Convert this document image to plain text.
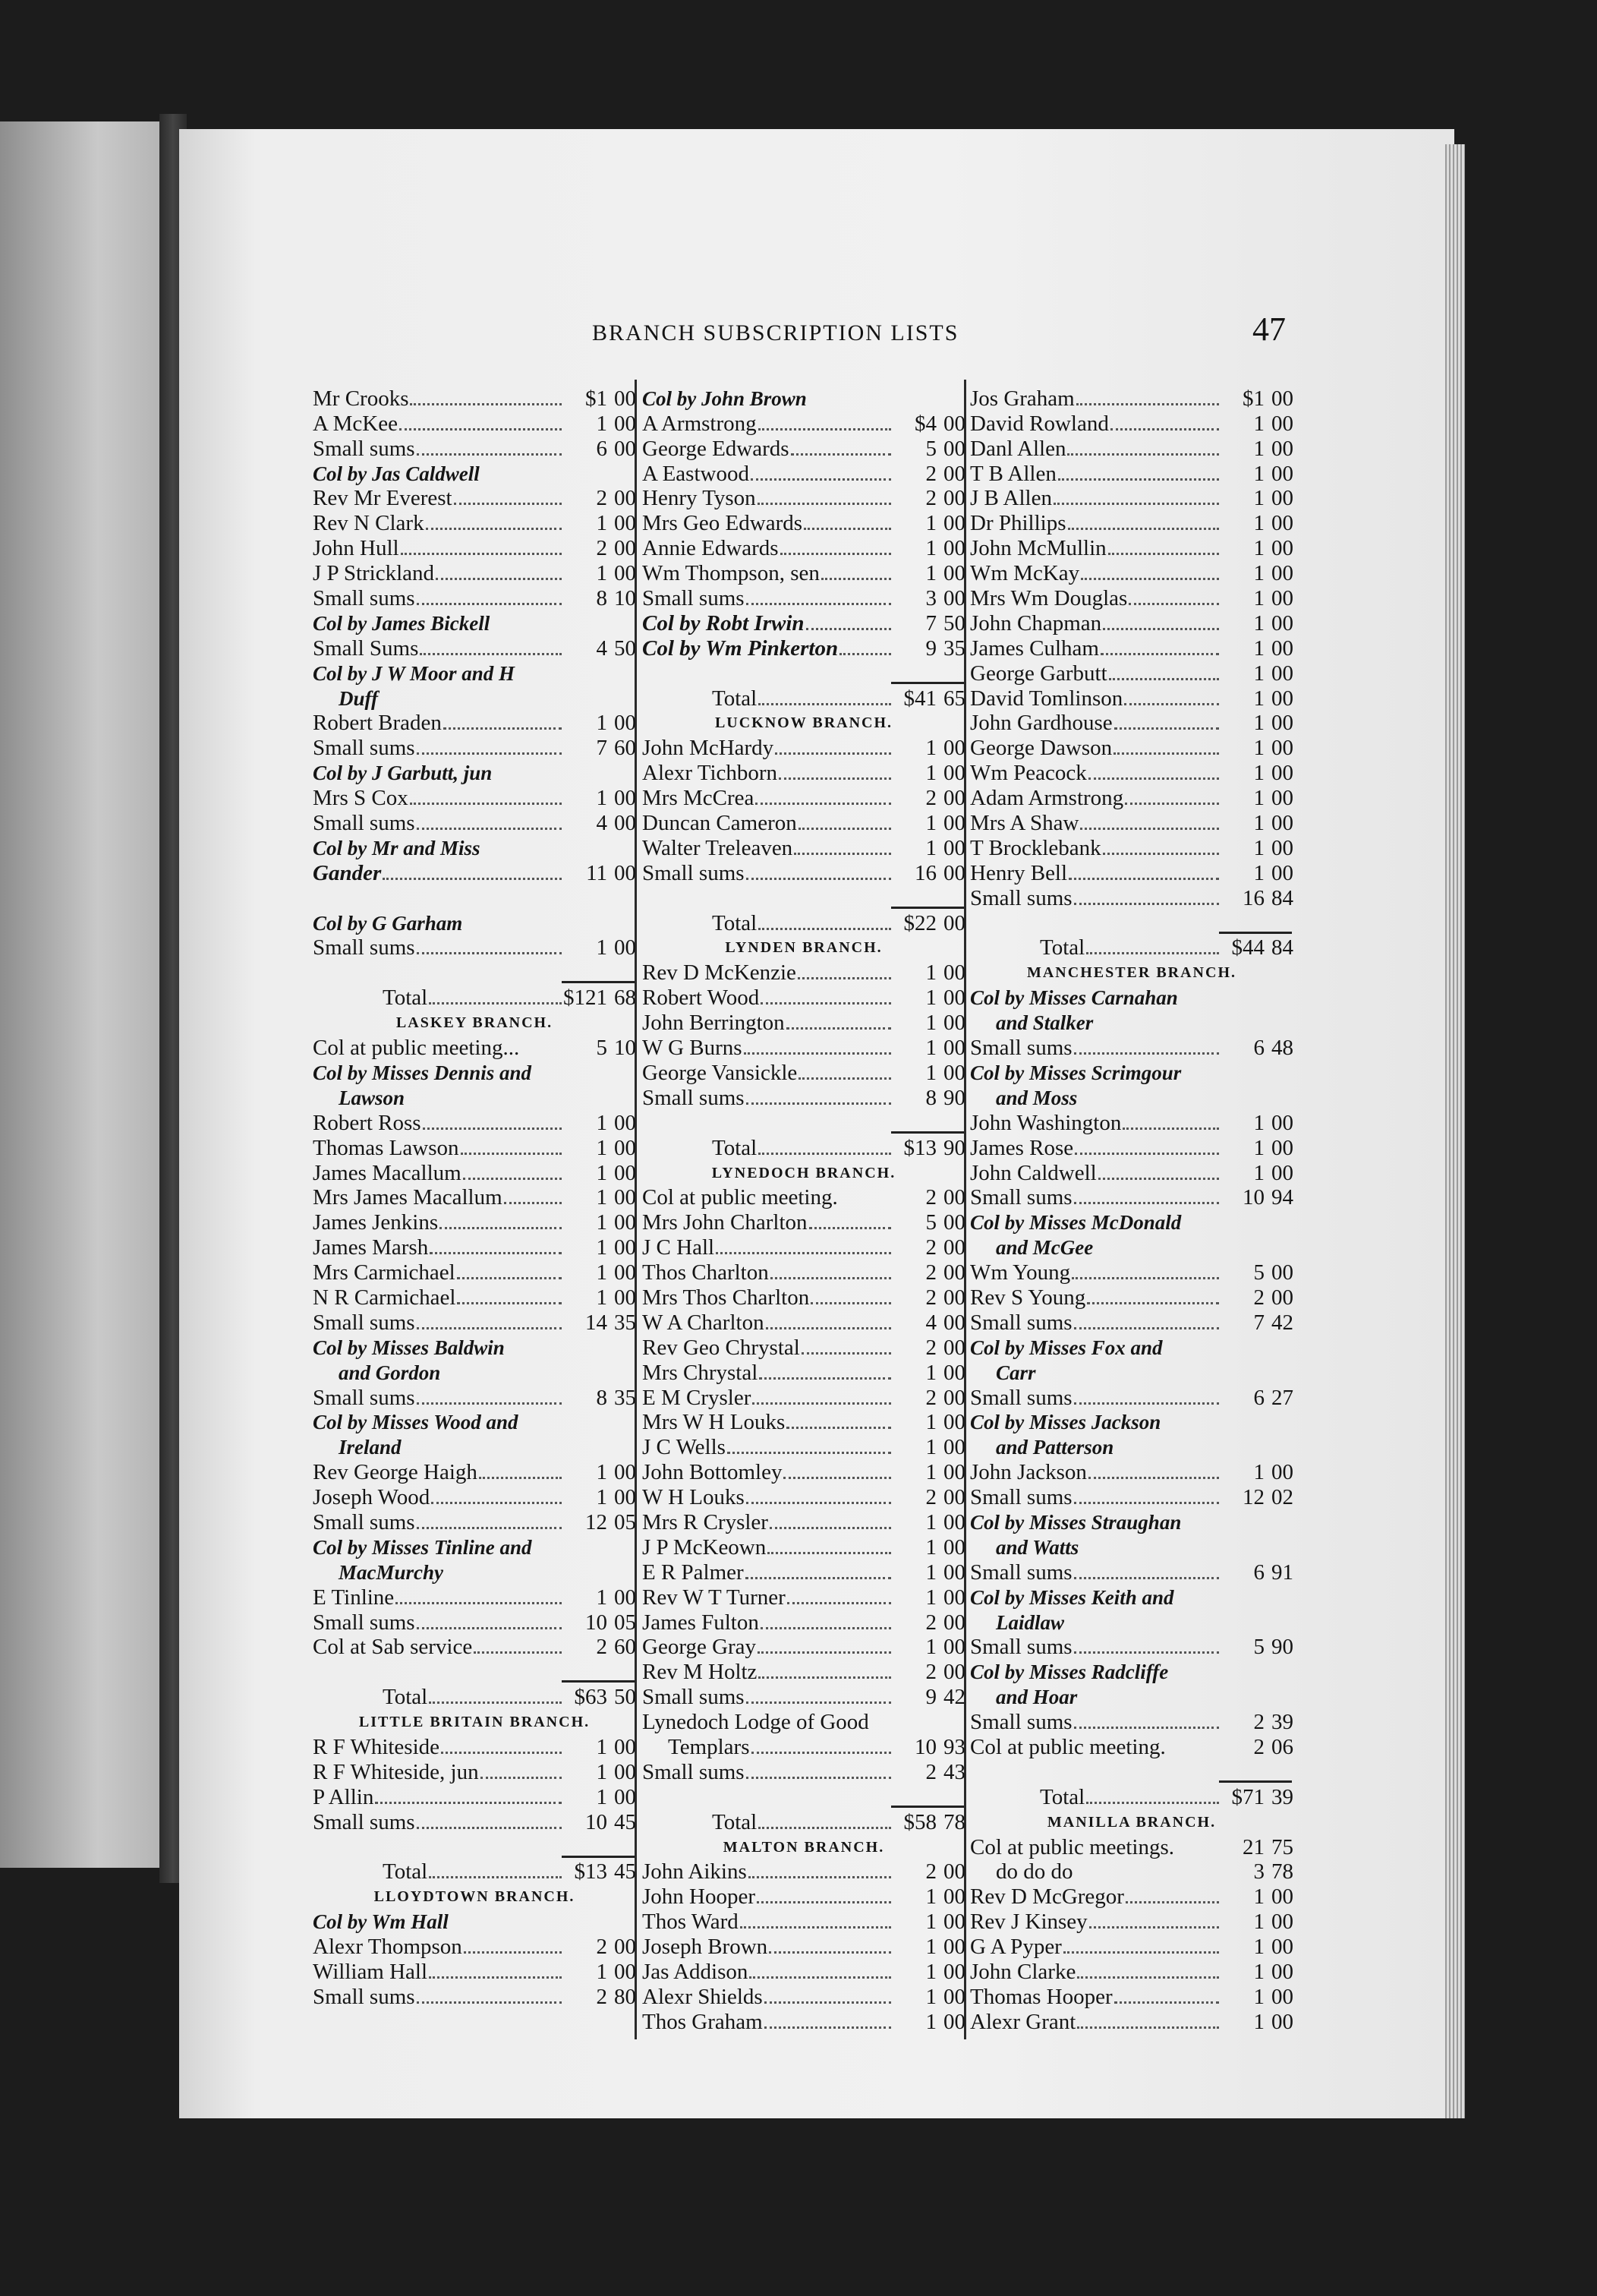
BRANCH SUBSCRIPTION LISTS	47
Mr Crooks	$1 00
A McKee	1 00
Small sums	6 00
Col by Jas Caldwell
Rev Mr Everest	2 00
Rev N Clark	1 00
John Hull	2 00
J P Strickland	1 00
Small sums	8 10
Col by James Bickell
Small Sums	4 50
Col by J W Moor and H
Duff
Robert Braden	1 00
Small sums	7 60
Col by J Garbutt, jun
Mrs S Cox	1 00
Small sums	4 00
Col by Mr and Miss
Gander	11 00
Col by G Garham
Small sums	1 00
Total	$121 68
LASKEY BRANCH.
Col at public meeting...	5 10
Col by Misses Dennis and
Lawson
Robert Ross	1 00
Thomas Lawson	1 00
James Macallum	1 00
Mrs James Macallum	1 00
James Jenkins	1 00
James Marsh	1 00
Mrs Carmichael	1 00
N R Carmichael	1 00
Small sums	14 35
Col by Misses Baldwin
and Gordon
Small sums	8 35
Col by Misses Wood and
Ireland
Rev George Haigh	1 00
Joseph Wood	1 00
Small sums	12 05
Col by Misses Tinline and
MacMurchy
E Tinline	1 00
Small sums	10 05
Col at Sab service	2 60
Total	$63 50
LITTLE BRITAIN BRANCH.
R F Whiteside	1 00
R F Whiteside, jun	1 00
P Allin	1 00
Small sums	10 45
Total	$13 45
LLOYDTOWN BRANCH.
Col by Wm Hall
Alexr Thompson	2 00
William Hall	1 00
Small sums	2 80
Col by John Brown
A Armstrong	$4 00
George Edwards	5 00
A Eastwood	2 00
Henry Tyson	2 00
Mrs Geo Edwards	1 00
Annie Edwards	1 00
Wm Thompson, sen	1 00
Small sums	3 00
Col by Robt Irwin	7 50
Col by Wm Pinkerton	9 35
Total	$41 65
LUCKNOW BRANCH.
John McHardy	1 00
Alexr Tichborn	1 00
Mrs McCrea	2 00
Duncan Cameron	1 00
Walter Treleaven	1 00
Small sums	16 00
Total	$22 00
LYNDEN BRANCH.
Rev D McKenzie	1 00
Robert Wood	1 00
John Berrington	1 00
W G Burns	1 00
George Vansickle	1 00
Small sums	8 90
Total	$13 90
LYNEDOCH BRANCH.
Col at public meeting.	2 00
Mrs John Charlton	5 00
J C Hall	2 00
Thos Charlton	2 00
Mrs Thos Charlton	2 00
W A Charlton	4 00
Rev Geo Chrystal	2 00
Mrs Chrystal	1 00
E M Crysler	2 00
Mrs W H Louks	1 00
J C Wells	1 00
John Bottomley	1 00
W H Louks	2 00
Mrs R Crysler	1 00
J P McKeown	1 00
E R Palmer	1 00
Rev W T Turner	1 00
James Fulton	2 00
George Gray	1 00
Rev M Holtz	2 00
Small sums	9 42
Lynedoch Lodge of Good
Templars	10 93
Small sums	2 43
Total	$58 78
MALTON BRANCH.
John Aikins	2 00
John Hooper	1 00
Thos Ward	1 00
Joseph Brown	1 00
Jas Addison	1 00
Alexr Shields	1 00
Thos Graham	1 00
Jos Graham	$1 00
David Rowland	1 00
Danl Allen	1 00
T B Allen	1 00
J B Allen	1 00
Dr Phillips	1 00
John McMullin	1 00
Wm McKay	1 00
Mrs Wm Douglas	1 00
John Chapman	1 00
James Culham	1 00
George Garbutt	1 00
David Tomlinson	1 00
John Gardhouse	1 00
George Dawson	1 00
Wm Peacock	1 00
Adam Armstrong	1 00
Mrs A Shaw	1 00
T Brocklebank	1 00
Henry Bell	1 00
Small sums	16 84
Total	$44 84
MANCHESTER BRANCH.
Col by Misses Carnahan
and Stalker
Small sums	6 48
Col by Misses Scrimgour
and Moss
John Washington	1 00
James Rose	1 00
John Caldwell	1 00
Small sums	10 94
Col by Misses McDonald
and McGee
Wm Young	5 00
Rev S Young	2 00
Small sums	7 42
Col by Misses Fox and
Carr
Small sums	6 27
Col by Misses Jackson
and Patterson
John Jackson	1 00
Small sums	12 02
Col by Misses Straughan
and Watts
Small sums	6 91
Col by Misses Keith and
Laidlaw
Small sums	5 90
Col by Misses Radcliffe
and Hoar
Small sums	2 39
Col at public meeting.	2 06
Total	$71 39
MANILLA BRANCH.
Col at public meetings.	21 75
do do do	3 78
Rev D McGregor	1 00
Rev J Kinsey	1 00
G A Pyper	1 00
John Clarke	1 00
Thomas Hooper	1 00
Alexr Grant	1 00
